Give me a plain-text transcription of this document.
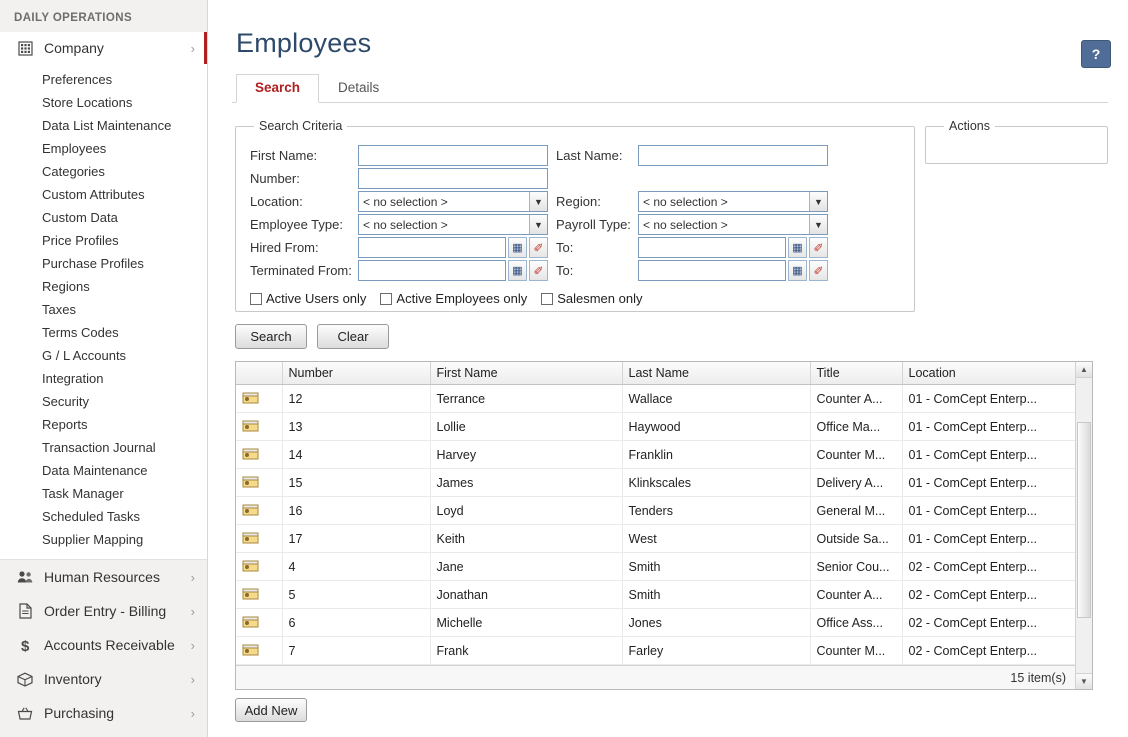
DAILY OPERATIONS
Company	›
Preferences
Store Locations
Data List Maintenance
Employees
Categories
Custom Attributes
Custom Data
Price Profiles
Purchase Profiles
Regions
Taxes
Terms Codes
G / L Accounts
Integration
Security
Reports
Transaction Journal
Data Maintenance
Task Manager
Scheduled Tasks
Supplier Mapping
Human Resources	›
Order Entry - Billing	›
$ Accounts Receivable	›
Inventory	›
Purchasing	›
Employees	?
Search	Details
Search Criteria
First Name:	Last Name:
Number:
Location:	< no selection >	▼	Region:	< no selection >	▼
Employee Type:	< no selection >	▼	Payroll Type:	< no selection >	▼
Hired From:	▦ ✐ To:	▦ ✐
Terminated From:	▦ ✐ To:	▦ ✐
Active Users only Active Employees only Salesmen only
Actions
Search	Clear
	Number	First Name	Last Name	Title	Location
	12	Terrance	Wallace	Counter A...	01 - ComCept Enterp...
	13	Lollie	Haywood	Office Ma...	01 - ComCept Enterp...
	14	Harvey	Franklin	Counter M...	01 - ComCept Enterp...
	15	James	Klinkscales	Delivery A...	01 - ComCept Enterp...
	16	Loyd	Tenders	General M...	01 - ComCept Enterp...
	17	Keith	West	Outside Sa...	01 - ComCept Enterp...
	4	Jane	Smith	Senior Cou...	02 - ComCept Enterp...
	5	Jonathan	Smith	Counter A...	02 - ComCept Enterp...
	6	Michelle	Jones	Office Ass...	02 - ComCept Enterp...
	7	Frank	Farley	Counter M...	02 - ComCept Enterp...
▲
▼
15 item(s)
Add New
